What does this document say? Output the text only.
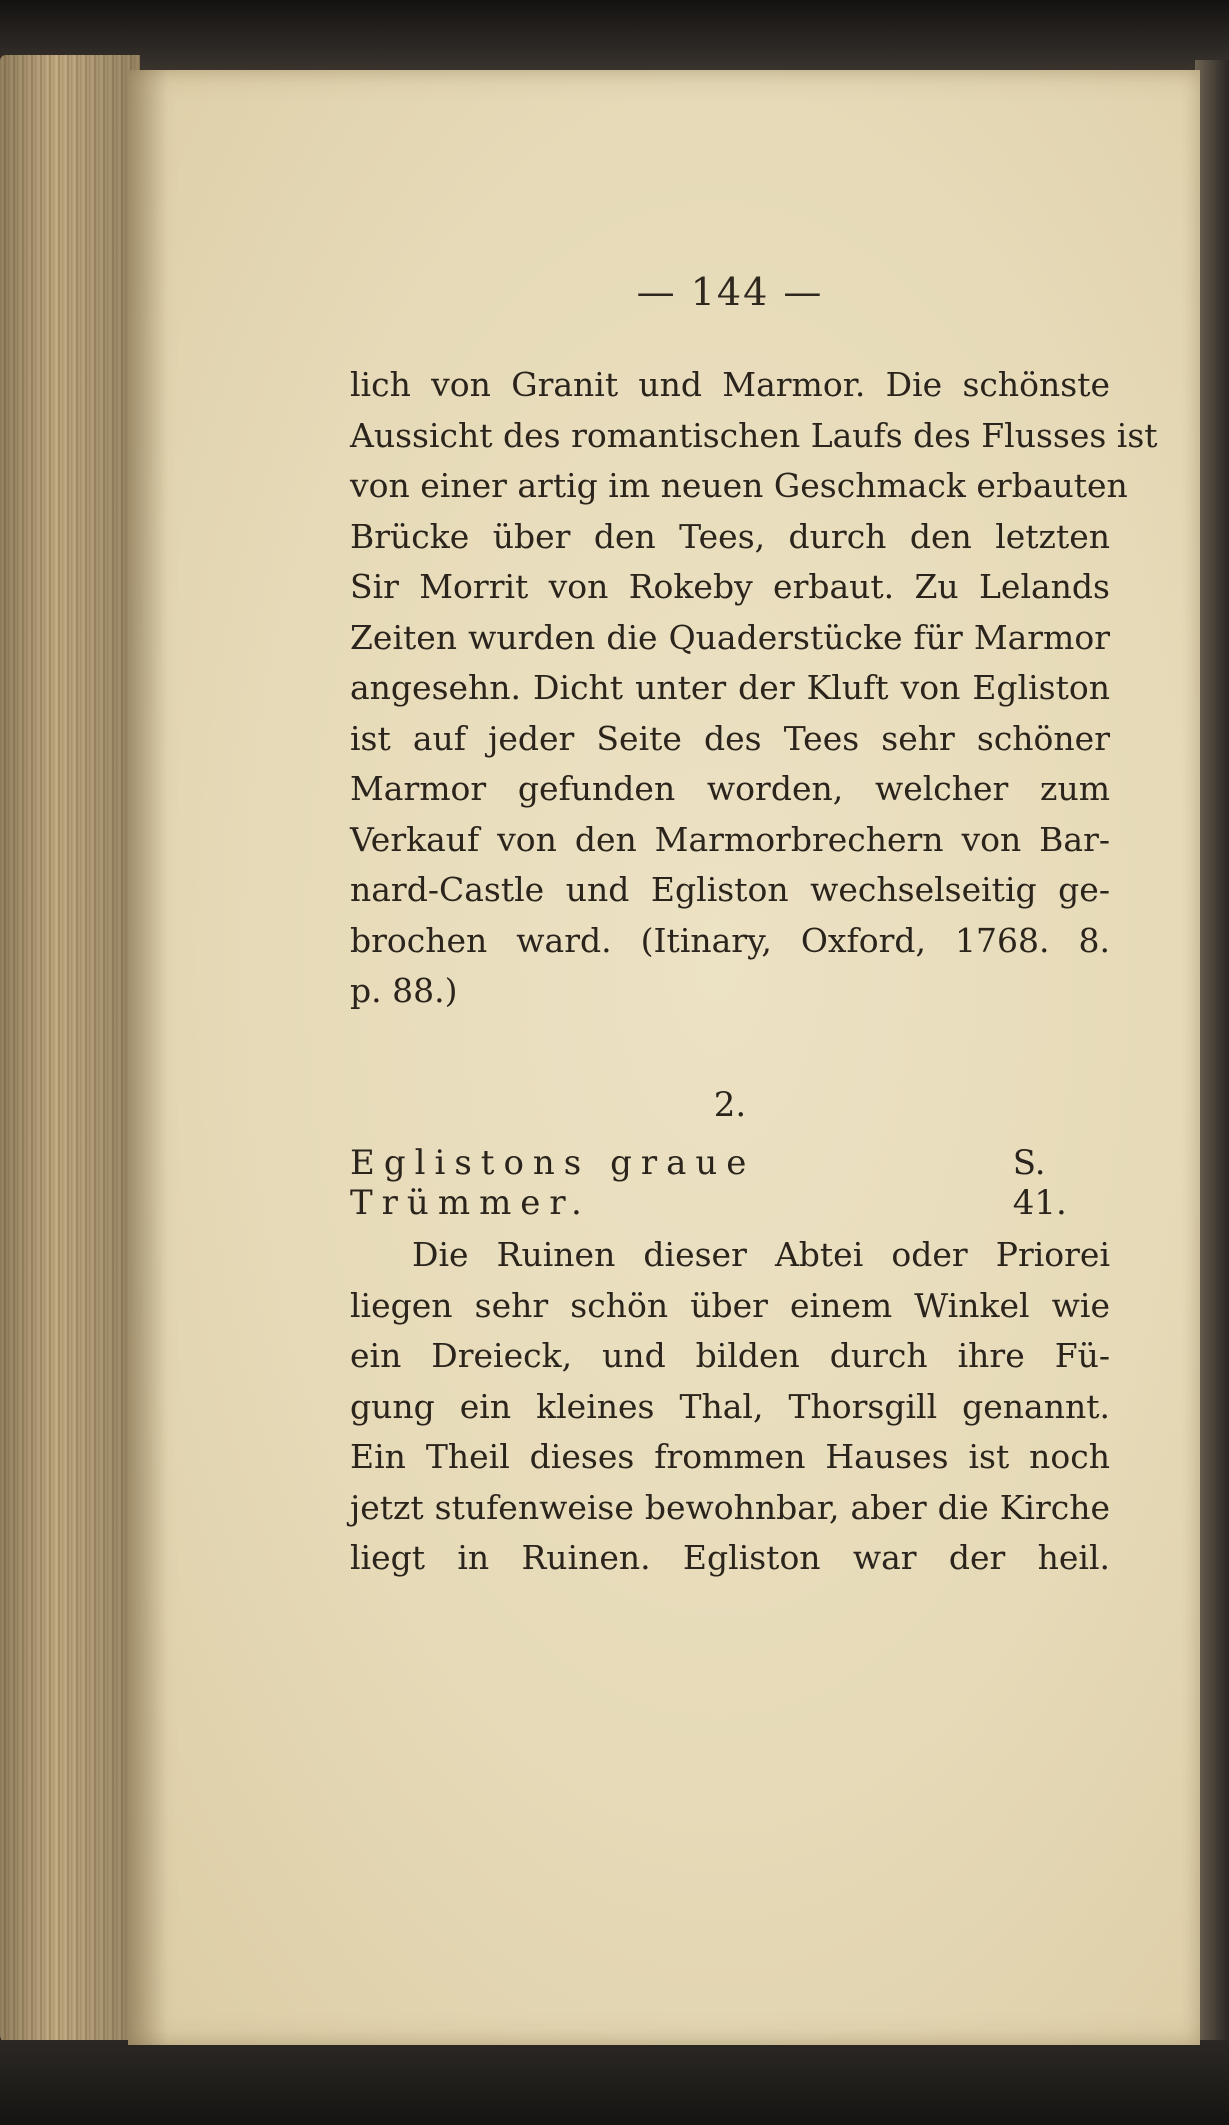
— 144 —

lich von Granit und Marmor. Die schönste
Aussicht des romantischen Laufs des Flusses ist
von einer artig im neuen Geschmack erbauten
Brücke über den Tees, durch den letzten
Sir Morrit von Rokeby erbaut. Zu Lelands
Zeiten wurden die Quaderstücke für Marmor
angesehn. Dicht unter der Kluft von Egliston
ist auf jeder Seite des Tees sehr schöner
Marmor gefunden worden, welcher zum
Verkauf von den Marmorbrechern von Bar-
nard-Castle und Egliston wechselseitig ge-
brochen ward. (Itinary, Oxford, 1768. 8.
p. 88.)

2.

Eglistons graue Trümmer.
S. 41.

Die Ruinen dieser Abtei oder Priorei
liegen sehr schön über einem Winkel wie
ein Dreieck, und bilden durch ihre Fü-
gung ein kleines Thal, Thorsgill genannt.
Ein Theil dieses frommen Hauses ist noch
jetzt stufenweise bewohnbar, aber die Kirche
liegt in Ruinen. Egliston war der heil.
